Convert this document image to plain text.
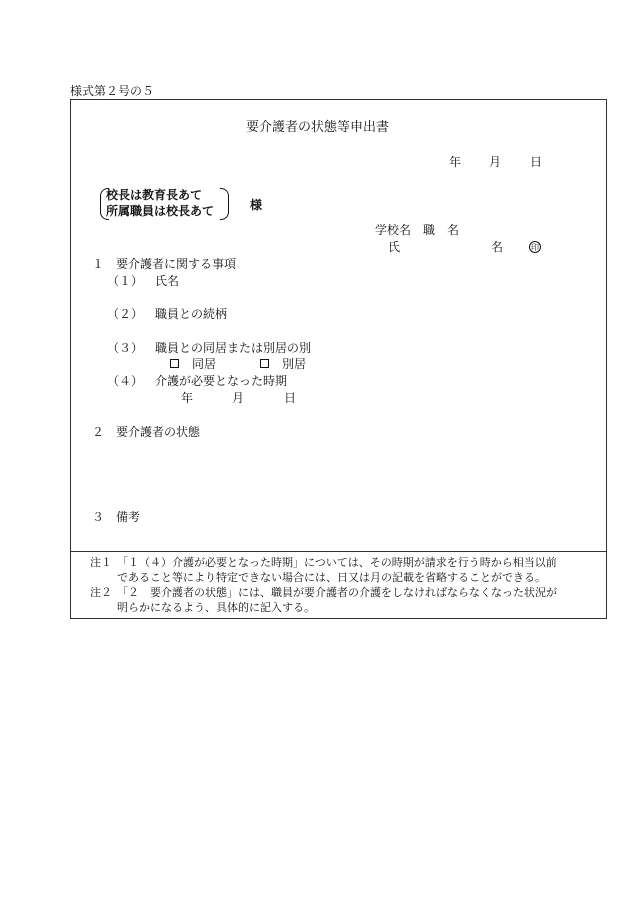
様式第２号の５
要介護者の状態等申出書
年 月 日
校長は教育長あて
所属職員は校長あて	様
学校名　職　名
氏	名	印
１　要介護者に関する事項
（１） 氏名
（２） 職員との続柄
（３） 職員との同居または別居の別
同居	別居
（４） 介護が必要となった時期
年	月	日
２　要介護者の状態
３　備考
注１ 「１（４）介護が必要となった時期」については、その時期が請求を行う時から相当以前
であること等により特定できない場合には、日又は月の記載を省略することができる。
注２ 「２　要介護者の状態」には、職員が要介護者の介護をしなければならなくなった状況が
明らかになるよう、具体的に記入する。
